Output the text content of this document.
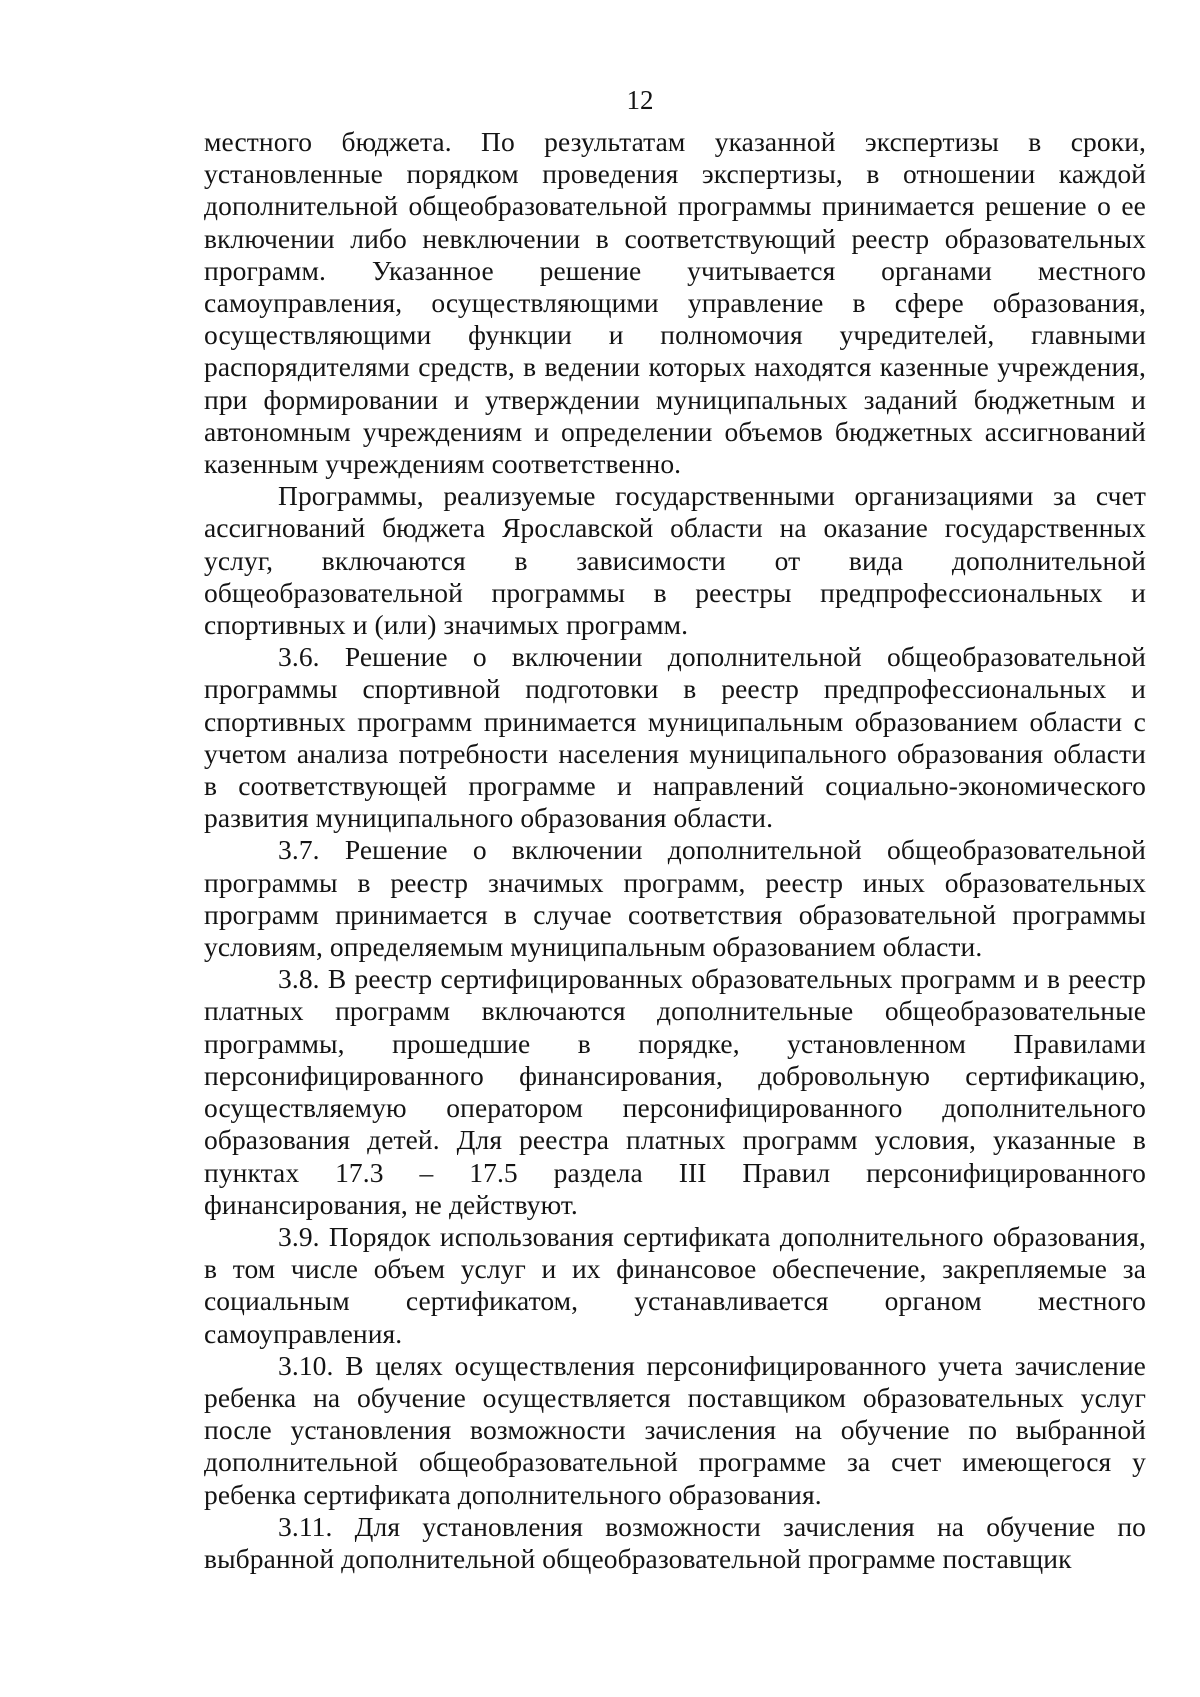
12

местного бюджета. По результатам указанной экспертизы в сроки, установленные порядком проведения экспертизы, в отношении каждой дополнительной общеобразовательной программы принимается решение о ее включении либо невключении в соответствующий реестр образовательных программ. Указанное решение учитывается органами местного самоуправления, осуществляющими управление в сфере образования, осуществляющими функции и полномочия учредителей, главными распорядителями средств, в ведении которых находятся казенные учреждения, при формировании и утверждении муниципальных заданий бюджетным и автономным учреждениям и определении объемов бюджетных ассигнований казенным учреждениям соответственно.

Программы, реализуемые государственными организациями за счет ассигнований бюджета Ярославской области на оказание государственных услуг, включаются в зависимости от вида дополнительной общеобразовательной программы в реестры предпрофессиональных и спортивных и (или) значимых программ.

3.6. Решение о включении дополнительной общеобразовательной программы спортивной подготовки в реестр предпрофессиональных и спортивных программ принимается муниципальным образованием области с учетом анализа потребности населения муниципального образования области в соответствующей программе и направлений социально-экономического развития муниципального образования области.

3.7. Решение о включении дополнительной общеобразовательной программы в реестр значимых программ, реестр иных образовательных программ принимается в случае соответствия образовательной программы условиям, определяемым муниципальным образованием области.

3.8. В реестр сертифицированных образовательных программ и в реестр платных программ включаются дополнительные общеобразовательные программы, прошедшие в порядке, установленном Правилами персонифицированного финансирования, добровольную сертификацию, осуществляемую оператором персонифицированного дополнительного образования детей. Для реестра платных программ условия, указанные в пунктах 17.3 – 17.5 раздела III Правил персонифицированного финансирования, не действуют.

3.9. Порядок использования сертификата дополнительного образования, в том числе объем услуг и их финансовое обеспечение, закрепляемые за социальным сертификатом, устанавливается органом местного самоуправления.

3.10. В целях осуществления персонифицированного учета зачисление ребенка на обучение осуществляется поставщиком образовательных услуг после установления возможности зачисления на обучение по выбранной дополнительной общеобразовательной программе за счет имеющегося у ребенка сертификата дополнительного образования.

3.11. Для установления возможности зачисления на обучение по выбранной дополнительной общеобразовательной программе поставщик
